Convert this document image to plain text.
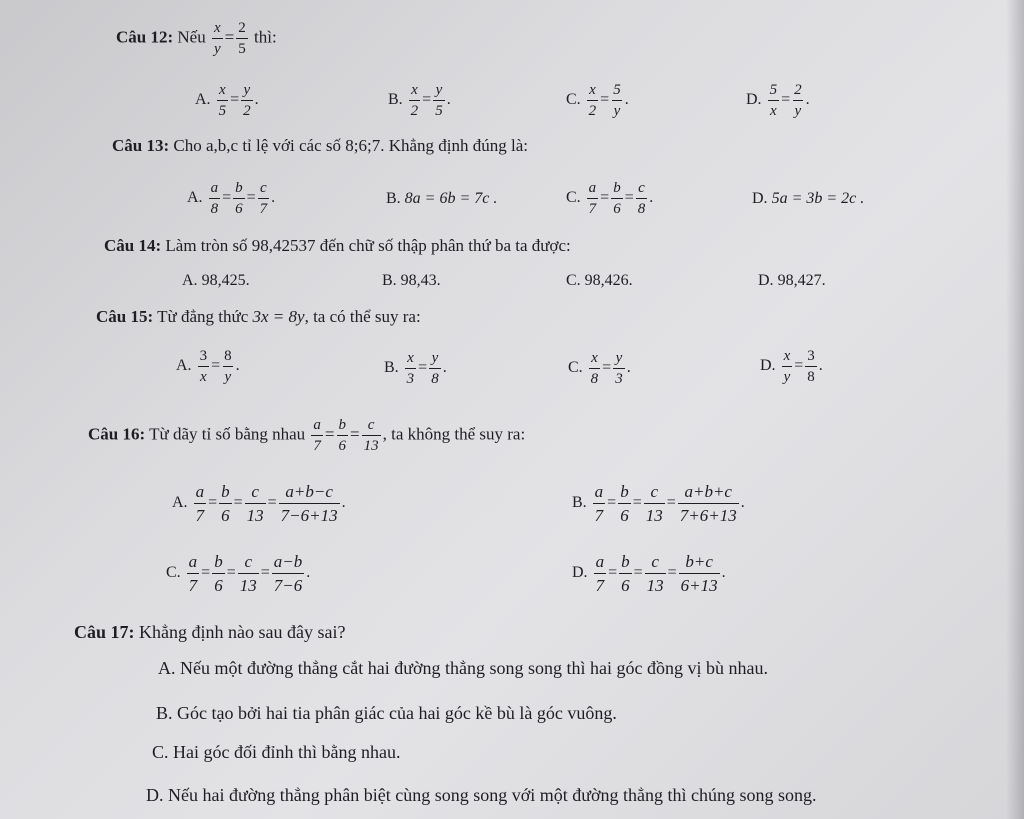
Câu 12: Nếu $\frac{x}{y} = \frac{2}{5}$ thì:
A. $\frac{x}{5} = \frac{y}{2}$ .	B. $\frac{x}{2} = \frac{y}{5}$ .	C. $\frac{x}{2} = \frac{5}{y}$ .	D. $\frac{5}{x} = \frac{2}{y}$ .
Câu 13: Cho a,b,c tỉ lệ với các số 8;6;7. Khẳng định đúng là:
A. $\frac{a}{8} = \frac{b}{6} = \frac{c}{7}$ .	B. 8a = 6b = 7c .	C. $\frac{a}{7} = \frac{b}{6} = \frac{c}{8}$ .	D. 5a = 3b = 2c .
Câu 14: Làm tròn số 98,42537 đến chữ số thập phân thứ ba ta được:
A. 98,425.	B. 98,43.	C. 98,426.	D. 98,427.
Câu 15: Từ đẳng thức 3x = 8y, ta có thể suy ra:
A. $\frac{3}{x} = \frac{8}{y}$ .	B. $\frac{x}{3} = \frac{y}{8}$ .	C. $\frac{x}{8} = \frac{y}{3}$ .	D. $\frac{x}{y} = \frac{3}{8}$ .
Câu 16: Từ dãy tỉ số bằng nhau $\frac{a}{7} = \frac{b}{6} = \frac{c}{13}$ , ta không thể suy ra:
A. $\frac{a}{7} = \frac{b}{6} = \frac{c}{13} = \frac{a+b-c}{7-6+13}$ .	B. $\frac{a}{7} = \frac{b}{6} = \frac{c}{13} = \frac{a+b+c}{7+6+13}$ .
C. $\frac{a}{7} = \frac{b}{6} = \frac{c}{13} = \frac{a-b}{7-6}$ .	D. $\frac{a}{7} = \frac{b}{6} = \frac{c}{13} = \frac{b+c}{6+13}$ .
Câu 17: Khẳng định nào sau đây sai?
A. Nếu một đường thẳng cắt hai đường thẳng song song thì hai góc đồng vị bù nhau.
B. Góc tạo bởi hai tia phân giác của hai góc kề bù là góc vuông.
C. Hai góc đối đỉnh thì bằng nhau.
D. Nếu hai đường thẳng phân biệt cùng song song với một đường thẳng thì chúng song song.
